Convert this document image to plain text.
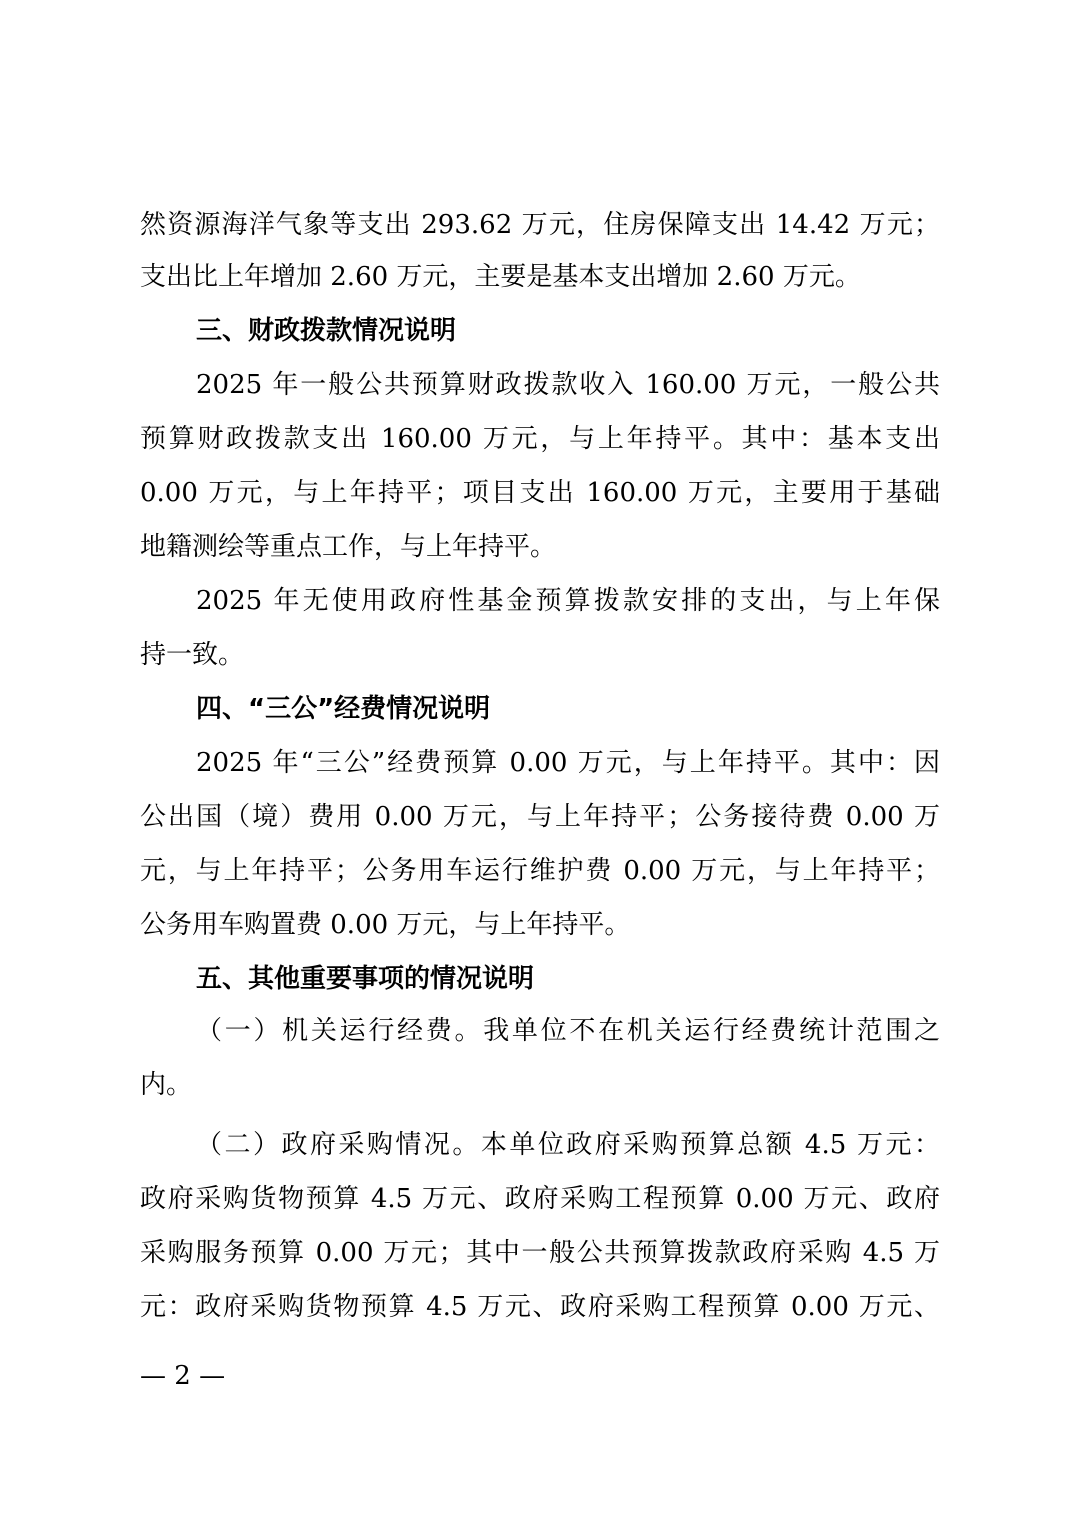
然资源海洋气象等支出 293.62 万元，住房保障支出 14.42 万元；
支出比上年增加 2.60 万元，主要是基本支出增加 2.60 万元。
三、财政拨款情况说明
2025 年一般公共预算财政拨款收入 160.00 万元，一般公共
预算财政拨款支出 160.00 万元，与上年持平。其中：基本支出
0.00 万元，与上年持平；项目支出 160.00 万元，主要用于基础
地籍测绘等重点工作，与上年持平。
2025 年无使用政府性基金预算拨款安排的支出，与上年保
持一致。
四、“三公”经费情况说明
2025 年“三公”经费预算 0.00 万元，与上年持平。其中：因
公出国（境）费用 0.00 万元，与上年持平；公务接待费 0.00 万
元，与上年持平；公务用车运行维护费 0.00 万元，与上年持平；
公务用车购置费 0.00 万元，与上年持平。
五、其他重要事项的情况说明
（一）机关运行经费。我单位不在机关运行经费统计范围之
内。
（二）政府采购情况。本单位政府采购预算总额 4.5 万元：
政府采购货物预算 4.5 万元、政府采购工程预算 0.00 万元、政府
采购服务预算 0.00 万元；其中一般公共预算拨款政府采购 4.5 万
元：政府采购货物预算 4.5 万元、政府采购工程预算 0.00 万元、
— 2 —
